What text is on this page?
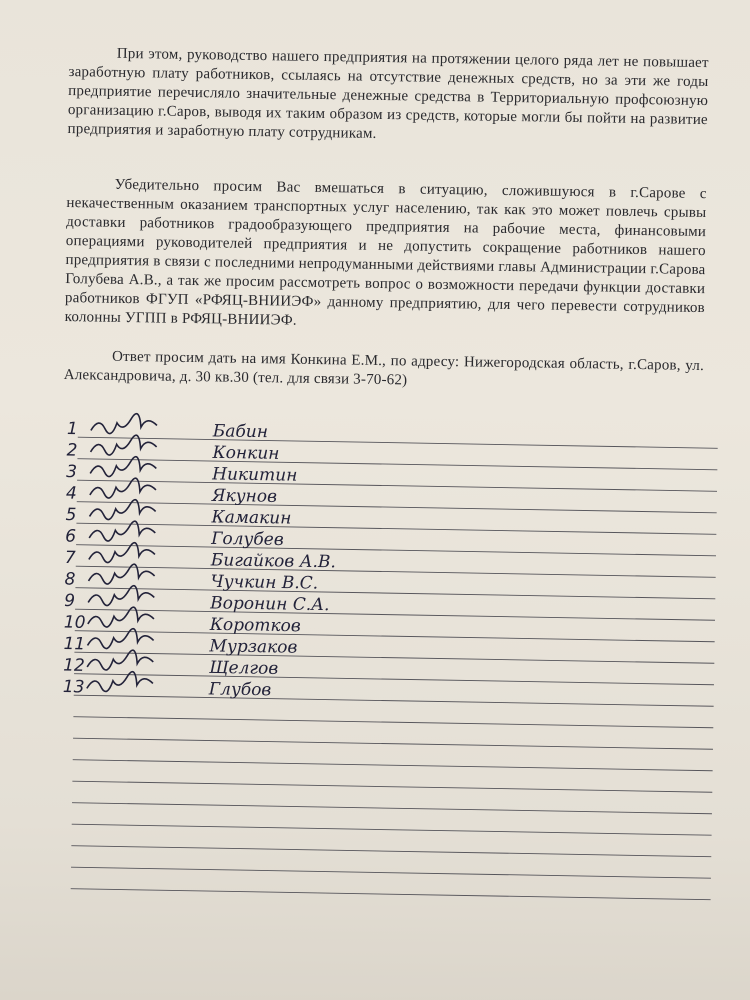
При этом, руководство нашего предприятия на протяжении целого ряда лет не повышает заработную плату работников, ссылаясь на отсутствие денежных средств, но за эти же годы предприятие перечисляло значительные денежные средства в Территориальную профсоюзную организацию г.Саров, выводя их таким образом из средств, которые могли бы пойти на развитие предприятия и заработную плату сотрудникам.

Убедительно просим Вас вмешаться в ситуацию, сложившуюся в г.Сарове с некачественным оказанием транспортных услуг населению, так как это может повлечь срывы доставки работников градообразующего предприятия на рабочие места, финансовыми операциями руководителей предприятия и не допустить сокращение работников нашего предприятия в связи с последними непродуманными действиями главы Администрации г.Сарова Голубева А.В., а так же просим рассмотреть вопрос о возможности передачи функции доставки работников ФГУП «РФЯЦ-ВНИИЭФ» данному предприятию, для чего перевести сотрудников колонны УГПП в РФЯЦ-ВНИИЭФ.

Ответ просим дать на имя Конкина Е.М., по адресу: Нижегородская область, г.Саров, ул. Александровича, д. 30 кв.30 (тел. для связи 3-70-62)

1	Бабин
2	Конкин
3	Никитин
4	Якунов
5	Камакин
6	Голубев
7	Бигайков А.В.
8	Чучкин В.С.
9	Воронин С.А.
10	Коротков
11	Мурзаков
12	Щелгов
13	Глубов
